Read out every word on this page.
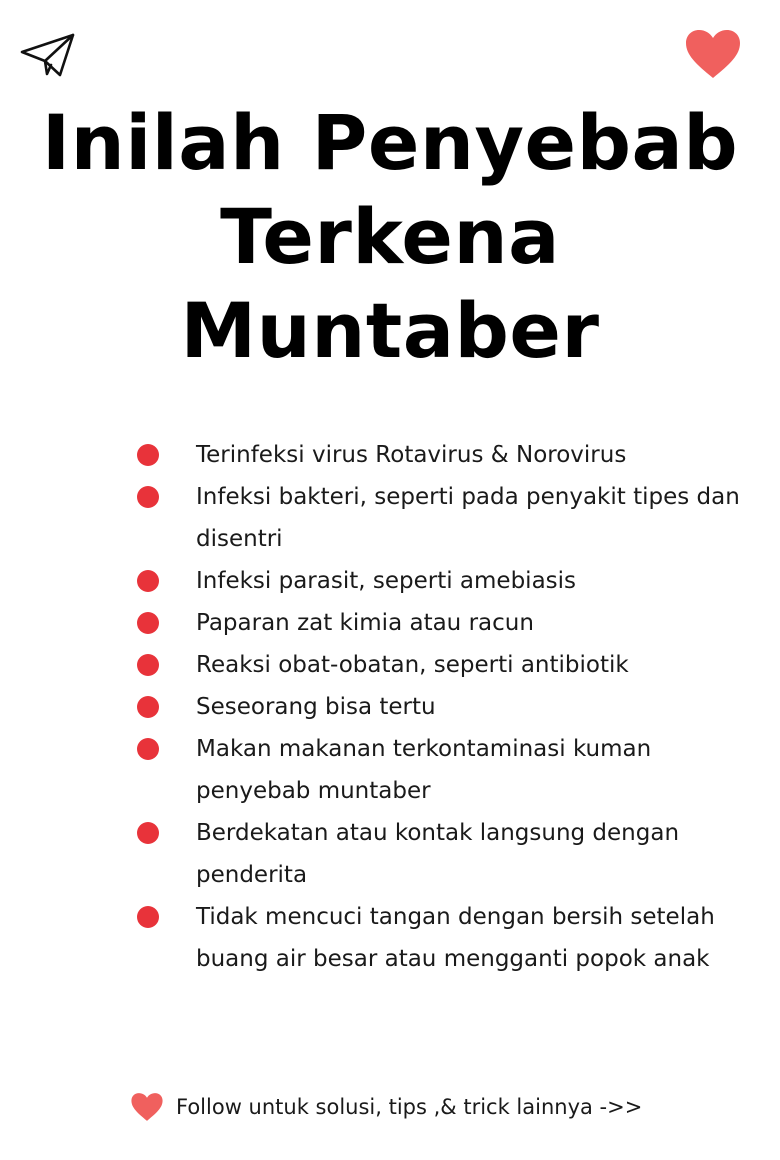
Inilah Penyebab
Terkena
Muntaber
Terinfeksi virus Rotavirus & Norovirus
Infeksi bakteri, seperti pada penyakit tipes dan disentri
Infeksi parasit, seperti amebiasis
Paparan zat kimia atau racun
Reaksi obat-obatan, seperti antibiotik
Seseorang bisa tertu
Makan makanan terkontaminasi kuman penyebab muntaber
Berdekatan atau kontak langsung dengan penderita
Tidak mencuci tangan dengan bersih setelah buang air besar atau mengganti popok anak
Follow untuk solusi, tips ,& trick lainnya ->>
